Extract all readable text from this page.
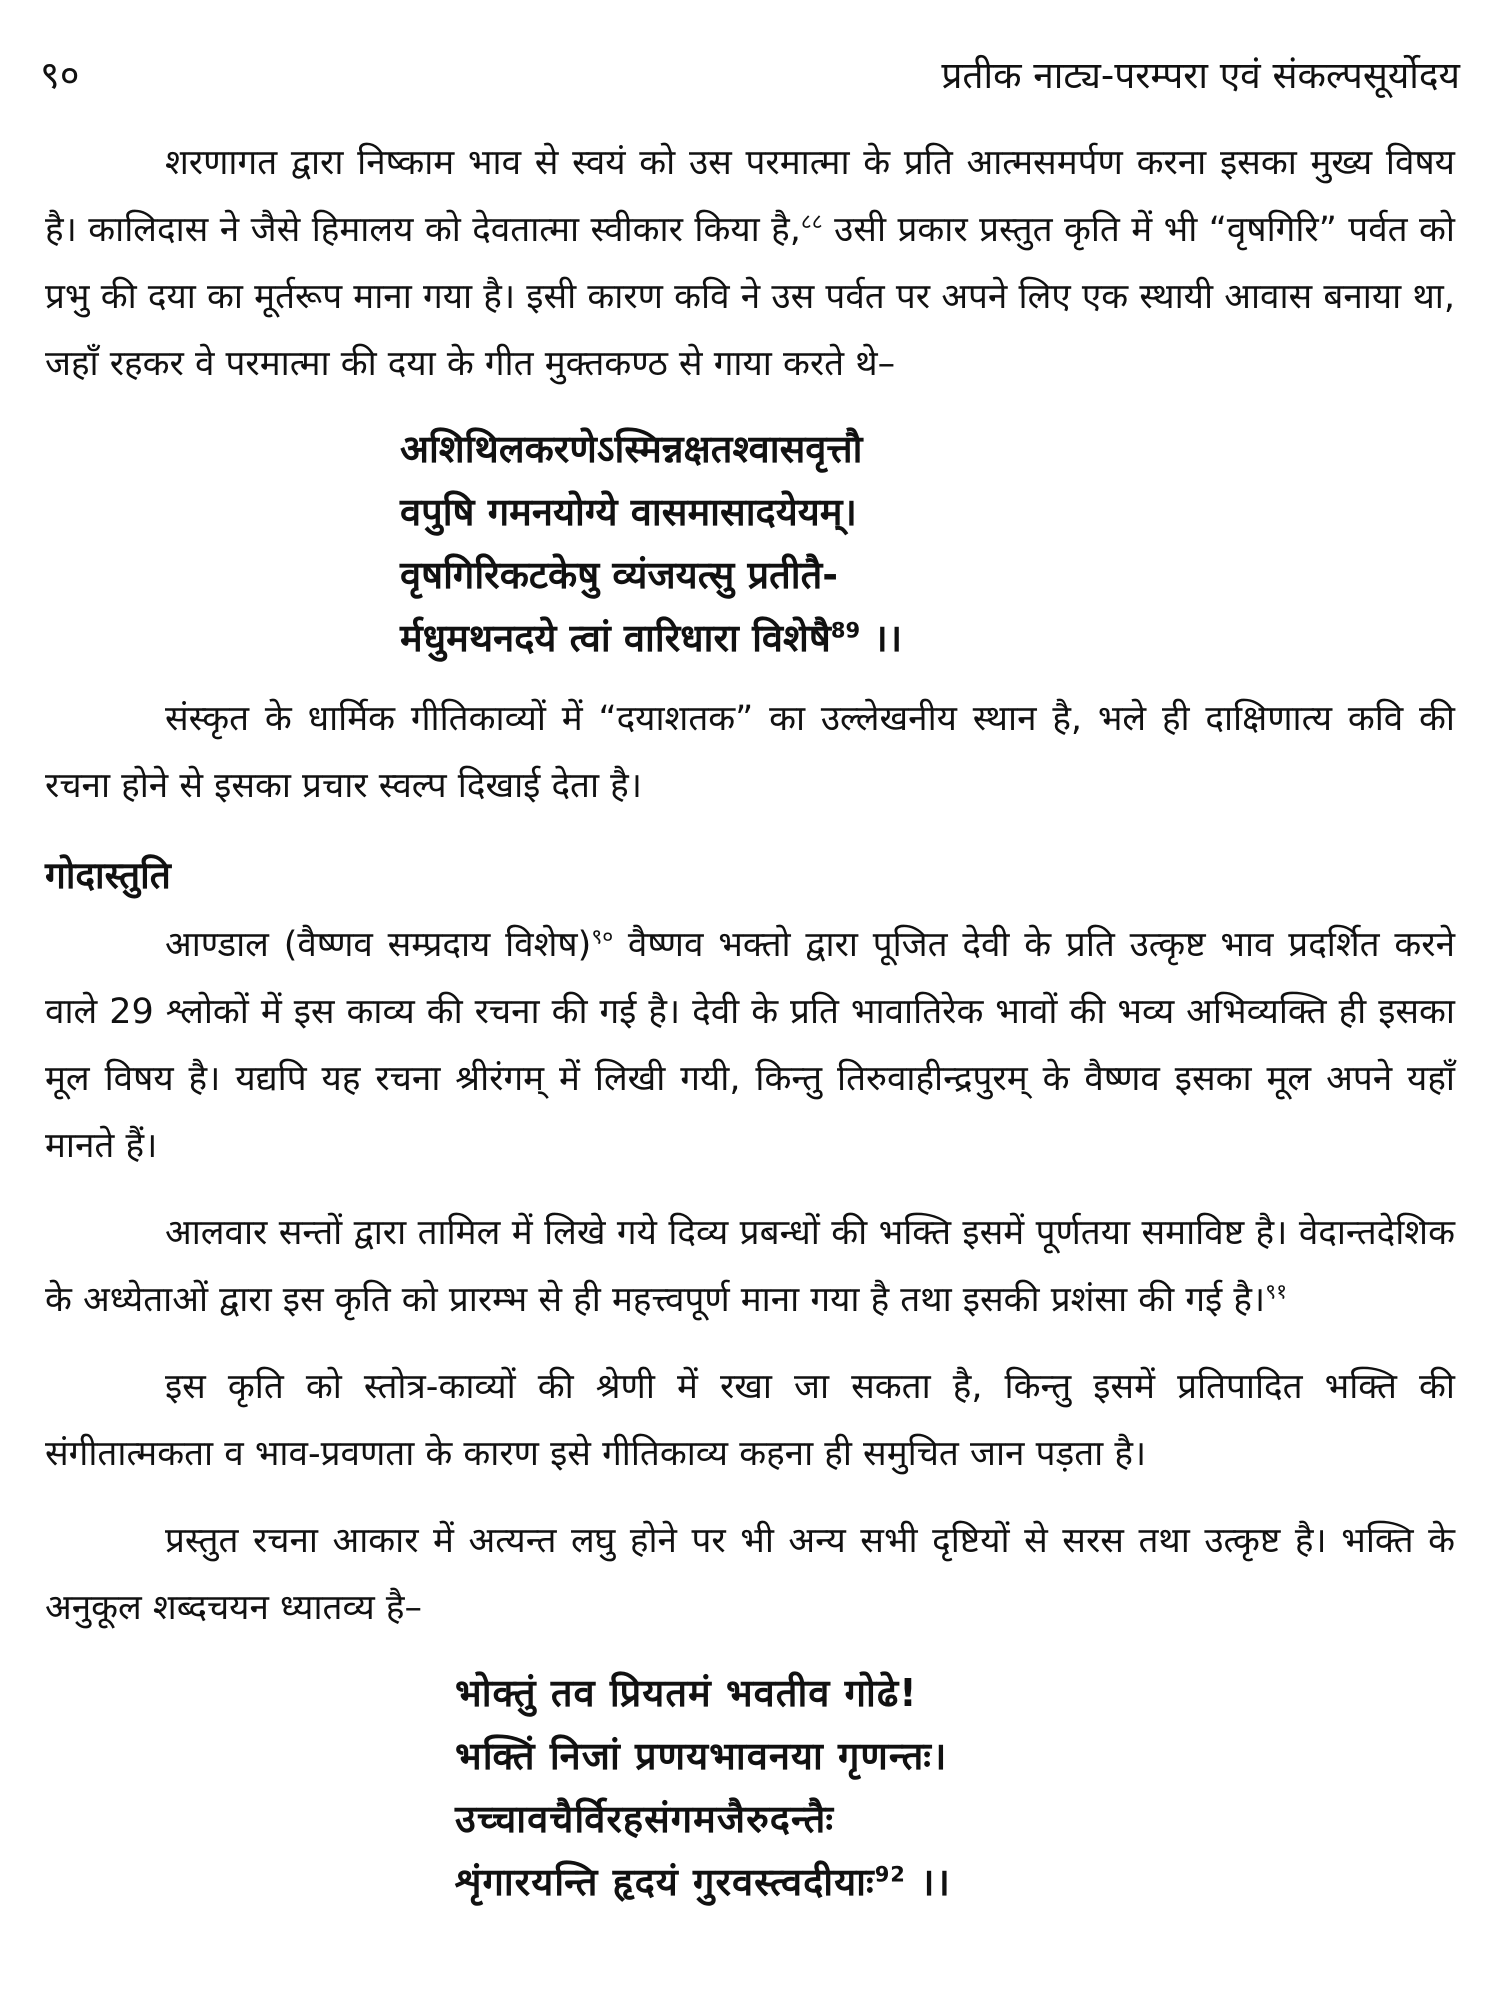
९०	प्रतीक नाट्य-परम्परा एवं संकल्पसूर्योदय

शरणागत द्वारा निष्काम भाव से स्वयं को उस परमात्मा के प्रति आत्मसमर्पण करना इसका मुख्य विषय है। कालिदास ने जैसे हिमालय को देवतात्मा स्वीकार किया है,$^{८८}$ उसी प्रकार प्रस्तुत कृति में भी “वृषगिरि” पर्वत को प्रभु की दया का मूर्तरूप माना गया है। इसी कारण कवि ने उस पर्वत पर अपने लिए एक स्थायी आवास बनाया था, जहाँ रहकर वे परमात्मा की दया के गीत मुक्तकण्ठ से गाया करते थे–

अशिथिलकरणेऽस्मिन्नक्षतश्वासवृत्तौ
वपुषि गमनयोग्ये वासमासादयेयम्।
वृषगिरिकटकेषु व्यंजयत्सु प्रतीतै-
र्मधुमथनदये त्वां वारिधारा विशेषै$^{89}$ ।।

संस्कृत के धार्मिक गीतिकाव्यों में “दयाशतक” का उल्लेखनीय स्थान है, भले ही दाक्षिणात्य कवि की रचना होने से इसका प्रचार स्वल्प दिखाई देता है।

गोदास्तुति

आण्डाल (वैष्णव सम्प्रदाय विशेष)$^{९०}$ वैष्णव भक्तो द्वारा पूजित देवी के प्रति उत्कृष्ट भाव प्रदर्शित करने वाले 29 श्लोकों में इस काव्य की रचना की गई है। देवी के प्रति भावातिरेक भावों की भव्य अभिव्यक्ति ही इसका मूल विषय है। यद्यपि यह रचना श्रीरंगम् में लिखी गयी, किन्तु तिरुवाहीन्द्रपुरम् के वैष्णव इसका मूल अपने यहाँ मानते हैं।

आलवार सन्तों द्वारा तामिल में लिखे गये दिव्य प्रबन्धों की भक्ति इसमें पूर्णतया समाविष्ट है। वेदान्तदेशिक के अध्येताओं द्वारा इस कृति को प्रारम्भ से ही महत्त्वपूर्ण माना गया है तथा इसकी प्रशंसा की गई है।$^{९१}$

इस कृति को स्तोत्र-काव्यों की श्रेणी में रखा जा सकता है, किन्तु इसमें प्रतिपादित भक्ति की संगीतात्मकता व भाव-प्रवणता के कारण इसे गीतिकाव्य कहना ही समुचित जान पड़ता है।

प्रस्तुत रचना आकार में अत्यन्त लघु होने पर भी अन्य सभी दृष्टियों से सरस तथा उत्कृष्ट है। भक्ति के अनुकूल शब्दचयन ध्यातव्य है–

भोक्तुं तव प्रियतमं भवतीव गोढे!
भक्तिं निजां प्रणयभावनया गृणन्तः।
उच्चावचैर्विरहसंगमजैरुदन्तैः
शृंगारयन्ति हृदयं गुरवस्त्वदीयाः$^{92}$ ।।
